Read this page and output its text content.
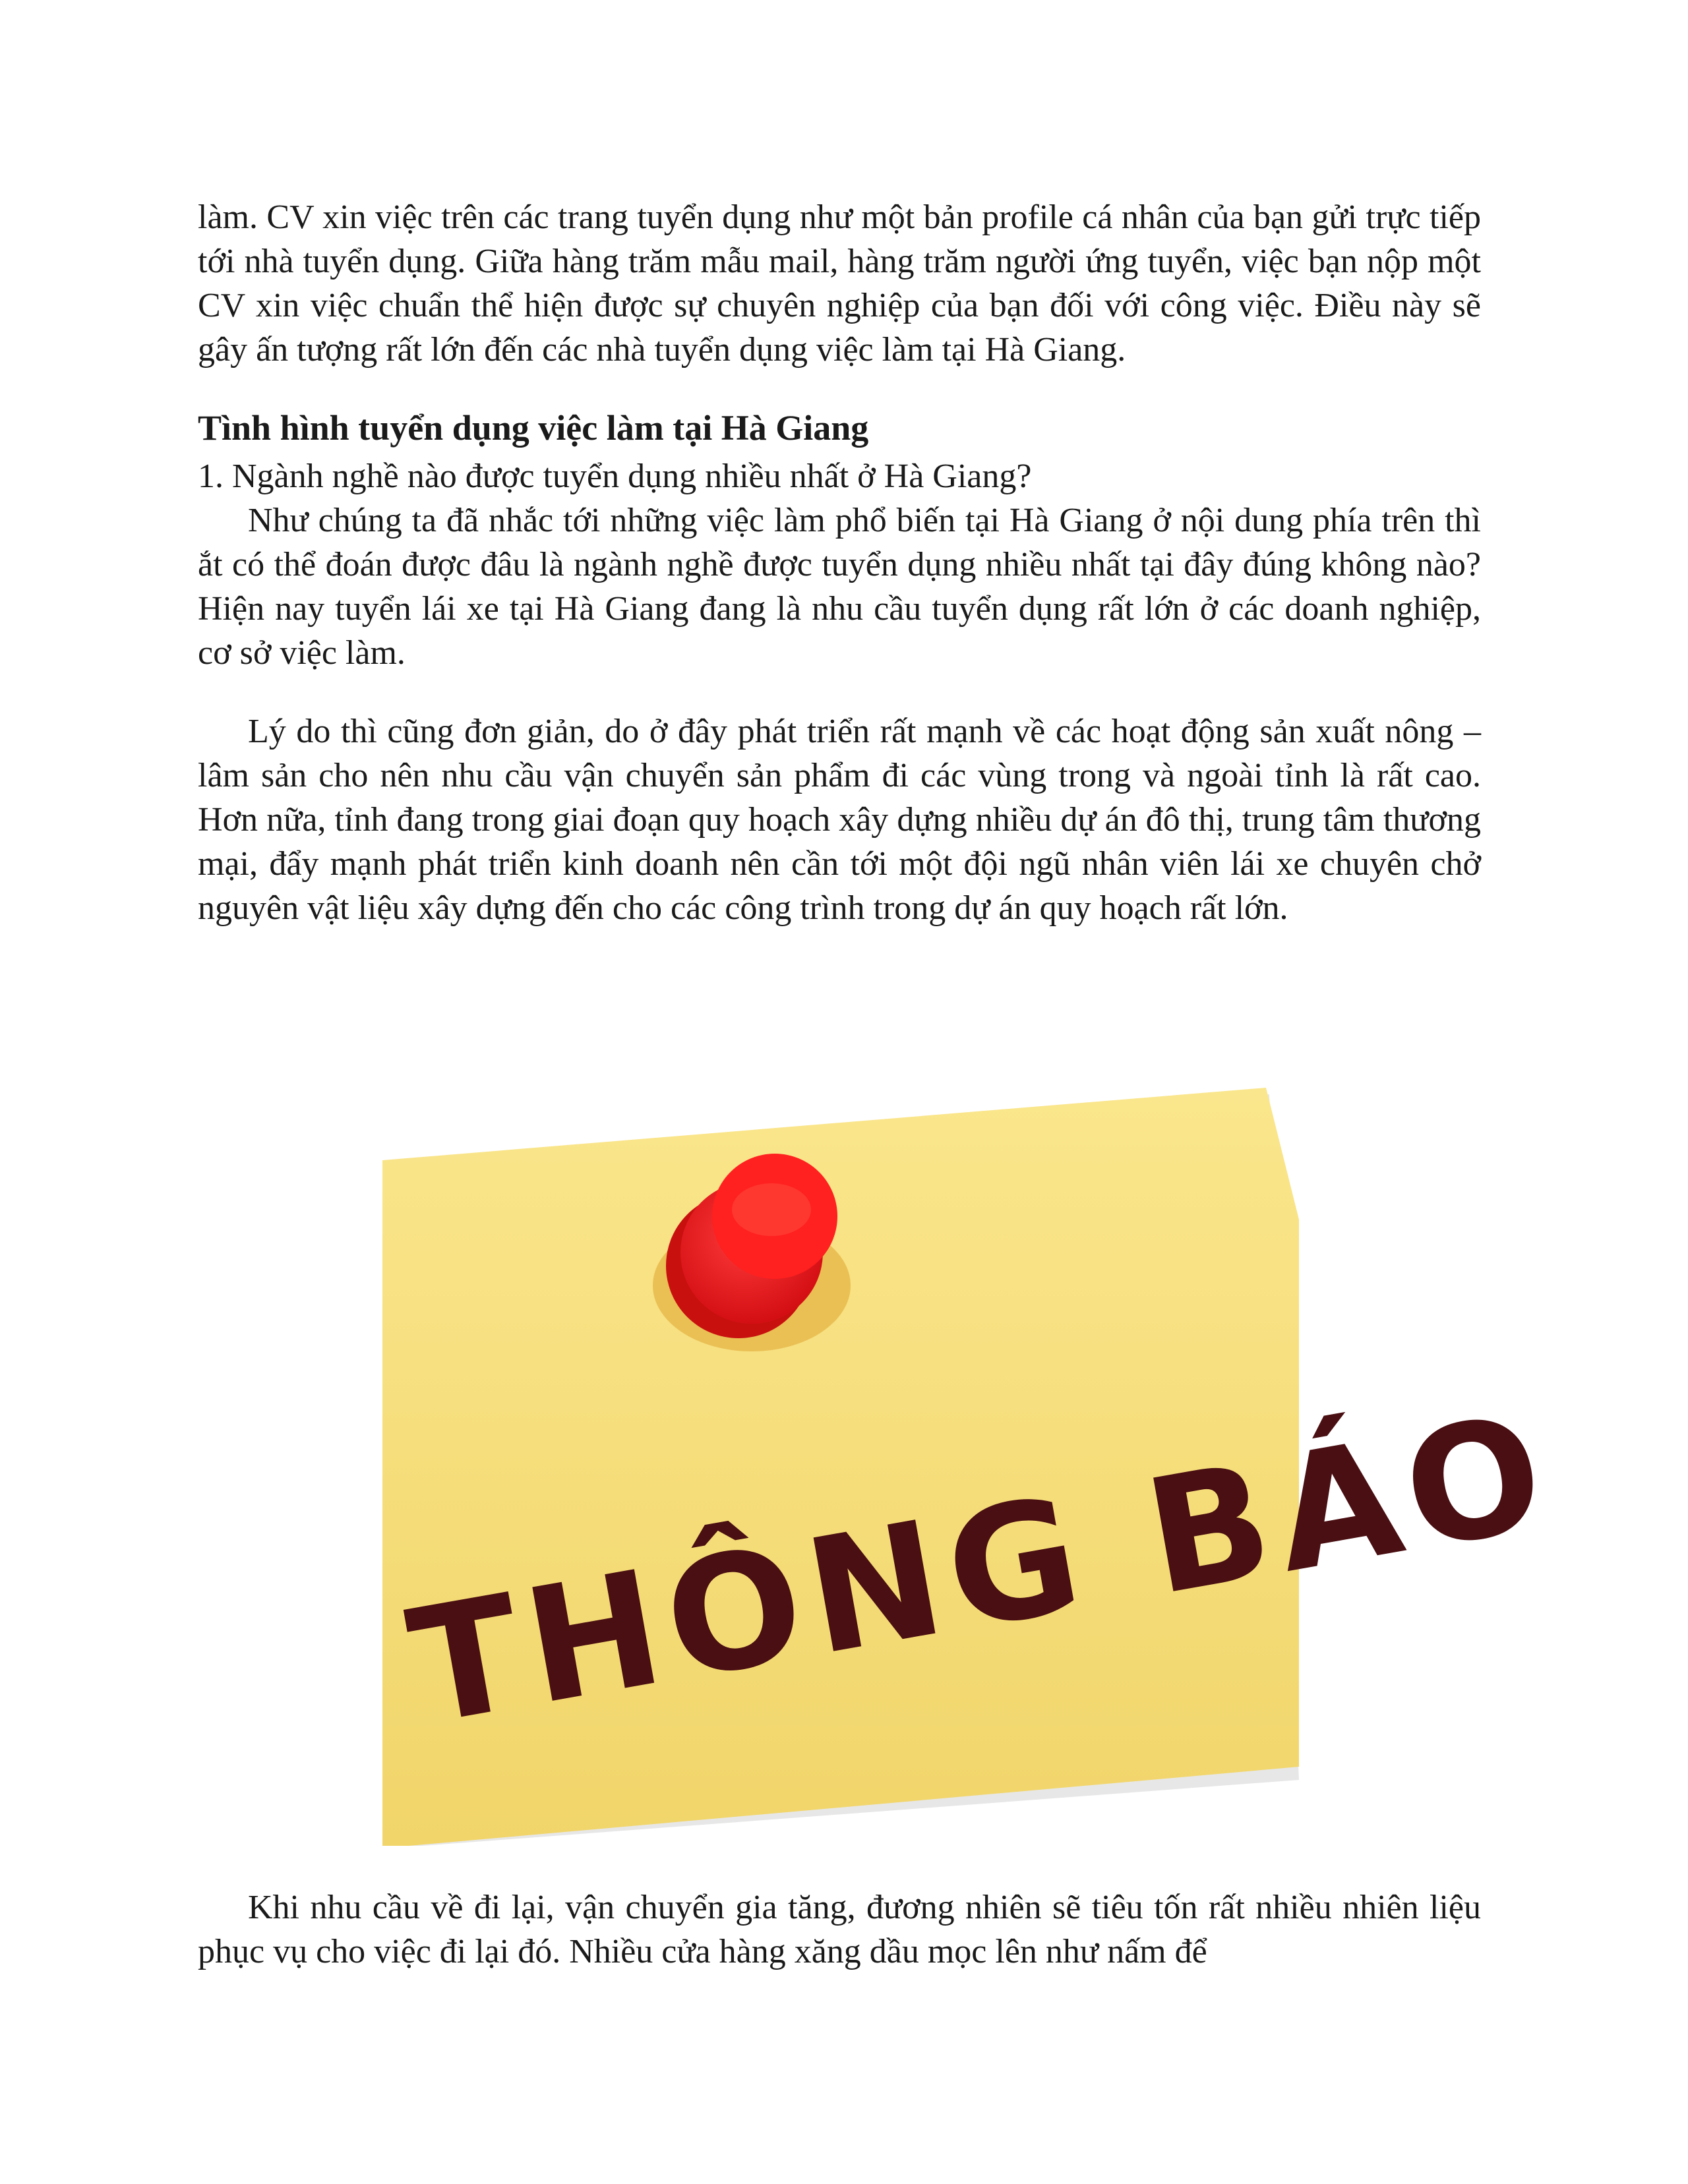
làm. CV xin việc trên các trang tuyển dụng như một bản profile cá nhân của bạn gửi trực tiếp tới nhà tuyển dụng. Giữa hàng trăm mẫu mail, hàng trăm người ứng tuyển, việc bạn nộp một CV xin việc chuẩn thể hiện được sự chuyên nghiệp của bạn đối với công việc. Điều này sẽ gây ấn tượng rất lớn đến các nhà tuyển dụng việc làm tại Hà Giang.

Tình hình tuyển dụng việc làm tại Hà Giang

1. Ngành nghề nào được tuyển dụng nhiều nhất ở Hà Giang?

Như chúng ta đã nhắc tới những việc làm phổ biến tại Hà Giang ở nội dung phía trên thì ắt có thể đoán được đâu là ngành nghề được tuyển dụng nhiều nhất tại đây đúng không nào? Hiện nay tuyển lái xe tại Hà Giang đang là nhu cầu tuyển dụng rất lớn ở các doanh nghiệp, cơ sở việc làm.

Lý do thì cũng đơn giản, do ở đây phát triển rất mạnh về các hoạt động sản xuất nông – lâm sản cho nên nhu cầu vận chuyển sản phẩm đi các vùng trong và ngoài tỉnh là rất cao. Hơn nữa, tỉnh đang trong giai đoạn quy hoạch xây dựng nhiều dự án đô thị, trung tâm thương mại, đẩy mạnh phát triển kinh doanh nên cần tới một đội ngũ nhân viên lái xe chuyên chở nguyên vật liệu xây dựng đến cho các công trình trong dự án quy hoạch rất lớn.

THÔNG BÁO

Khi nhu cầu về đi lại, vận chuyển gia tăng, đương nhiên sẽ tiêu tốn rất nhiều nhiên liệu phục vụ cho việc đi lại đó. Nhiều cửa hàng xăng dầu mọc lên như nấm để
